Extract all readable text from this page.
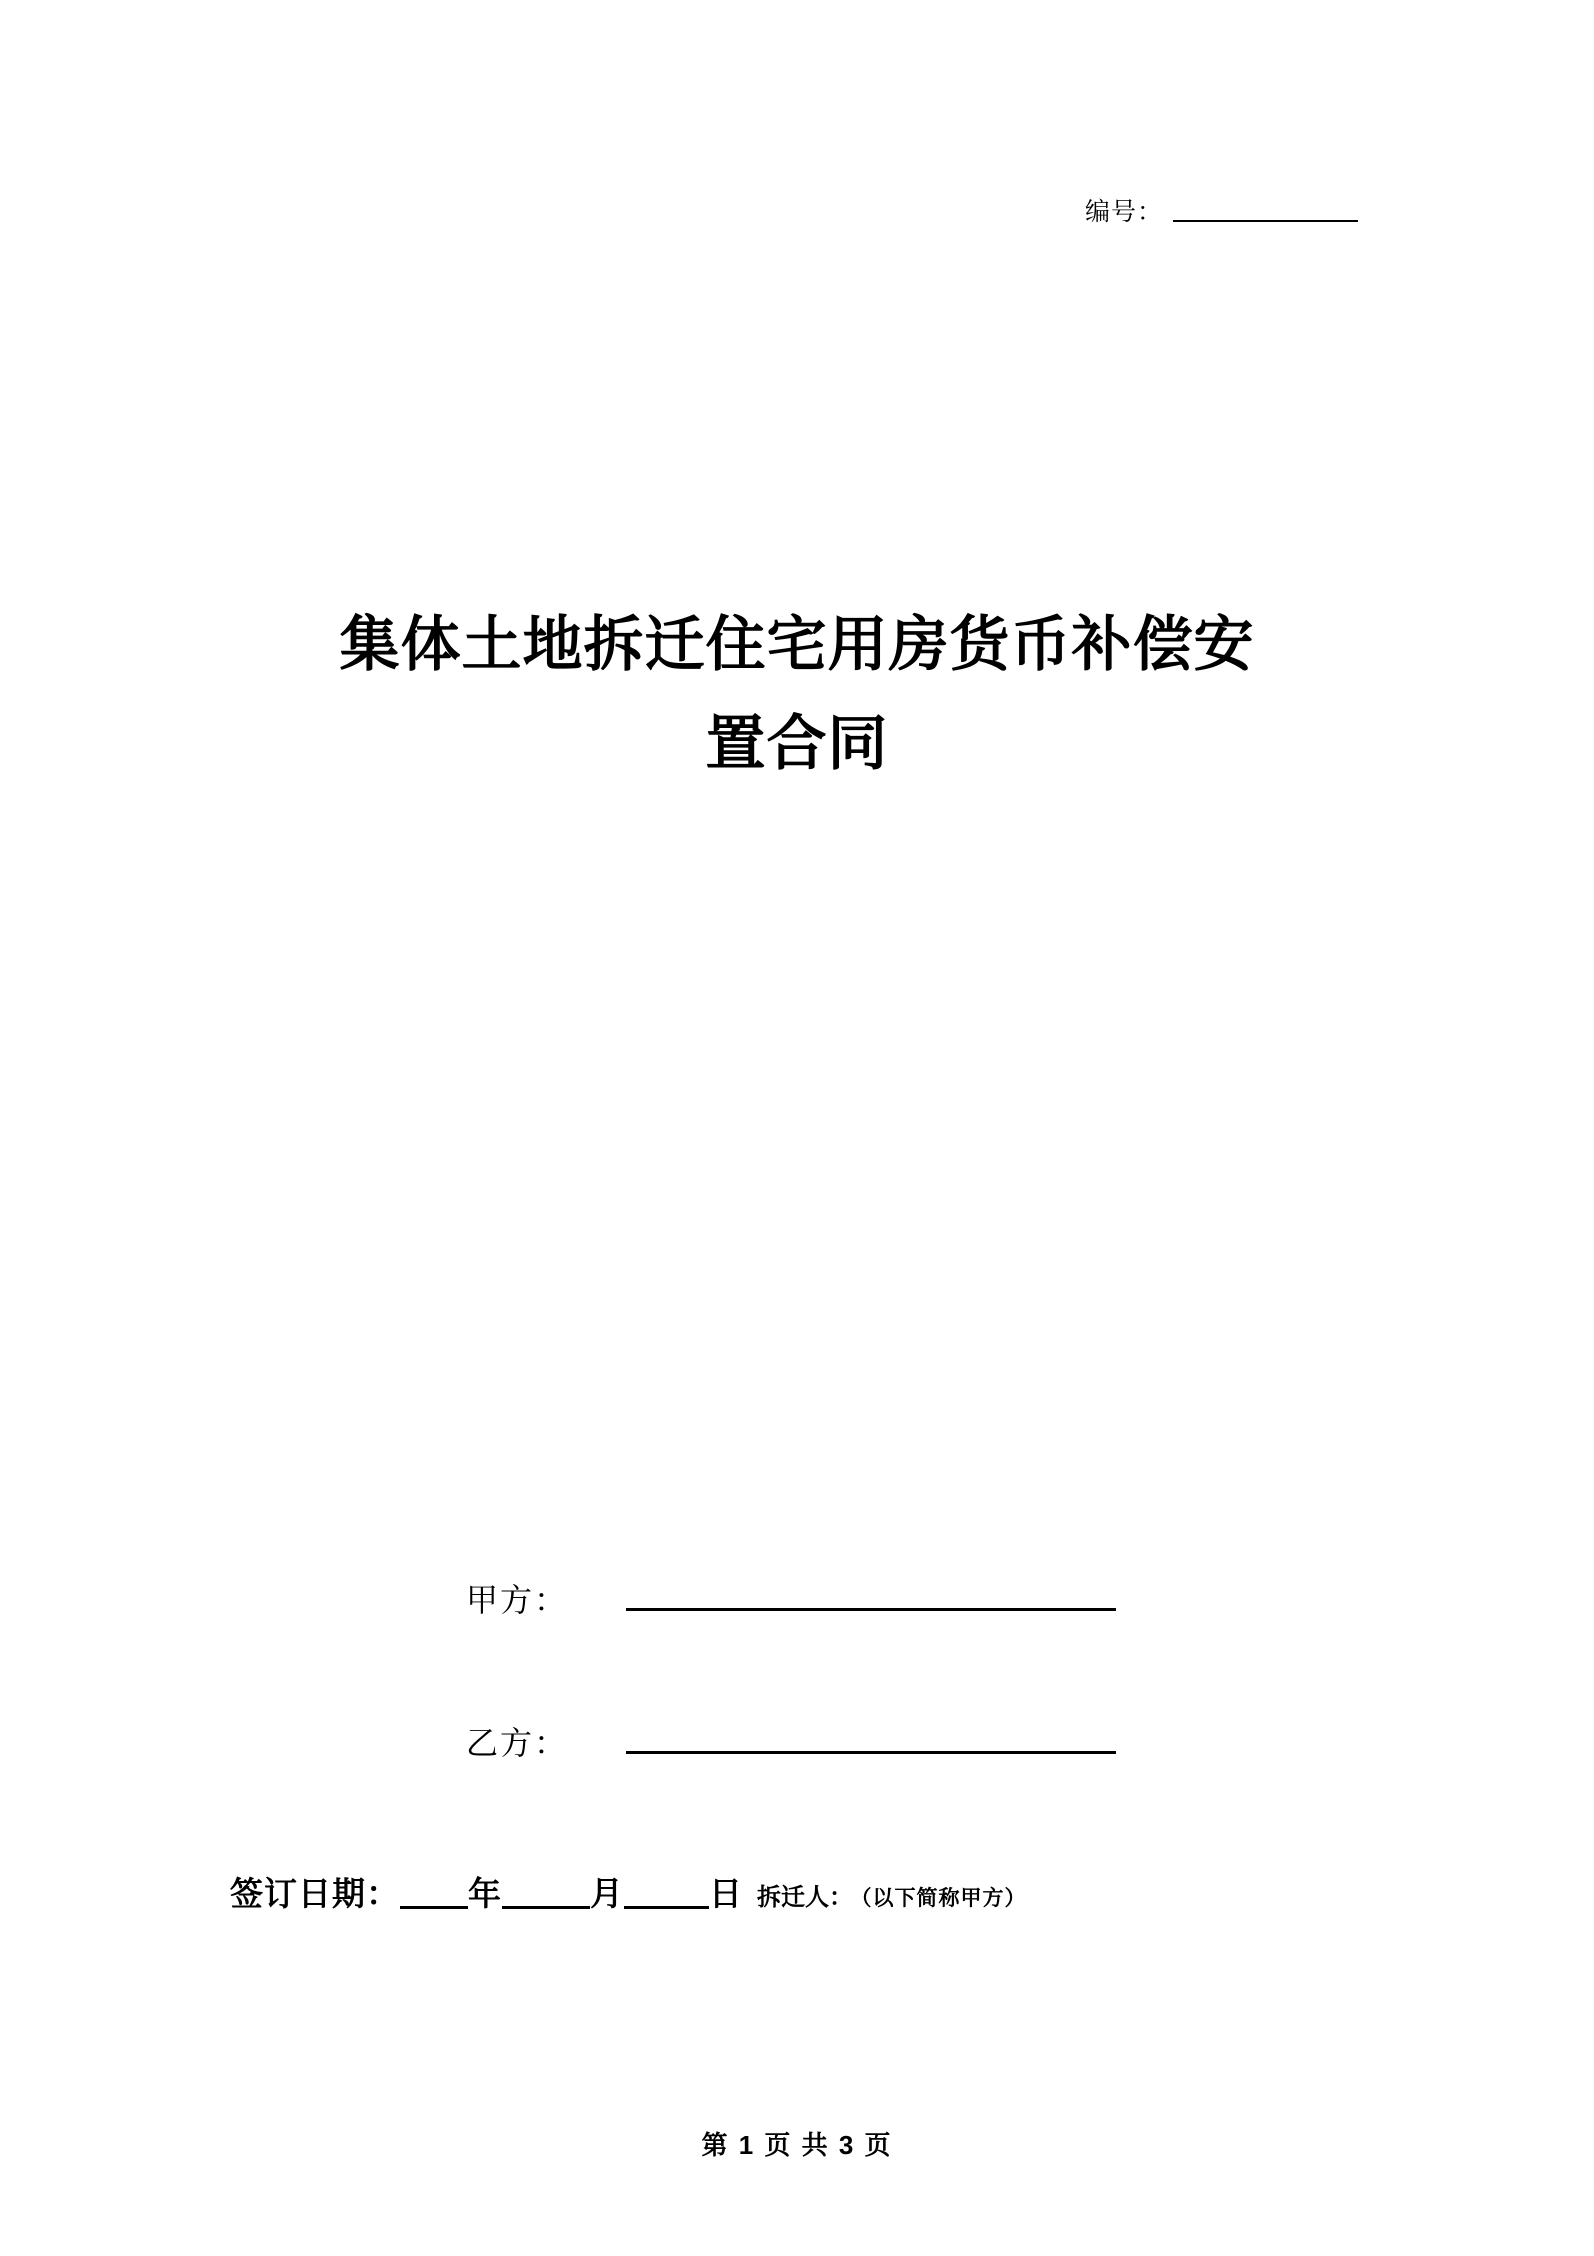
编号：
集体土地拆迁住宅用房货币补偿安
置合同
甲方：
乙方：
签订日期： 年	月	日 拆迁人： （以下简称甲方）
第 1 页 共 3 页
